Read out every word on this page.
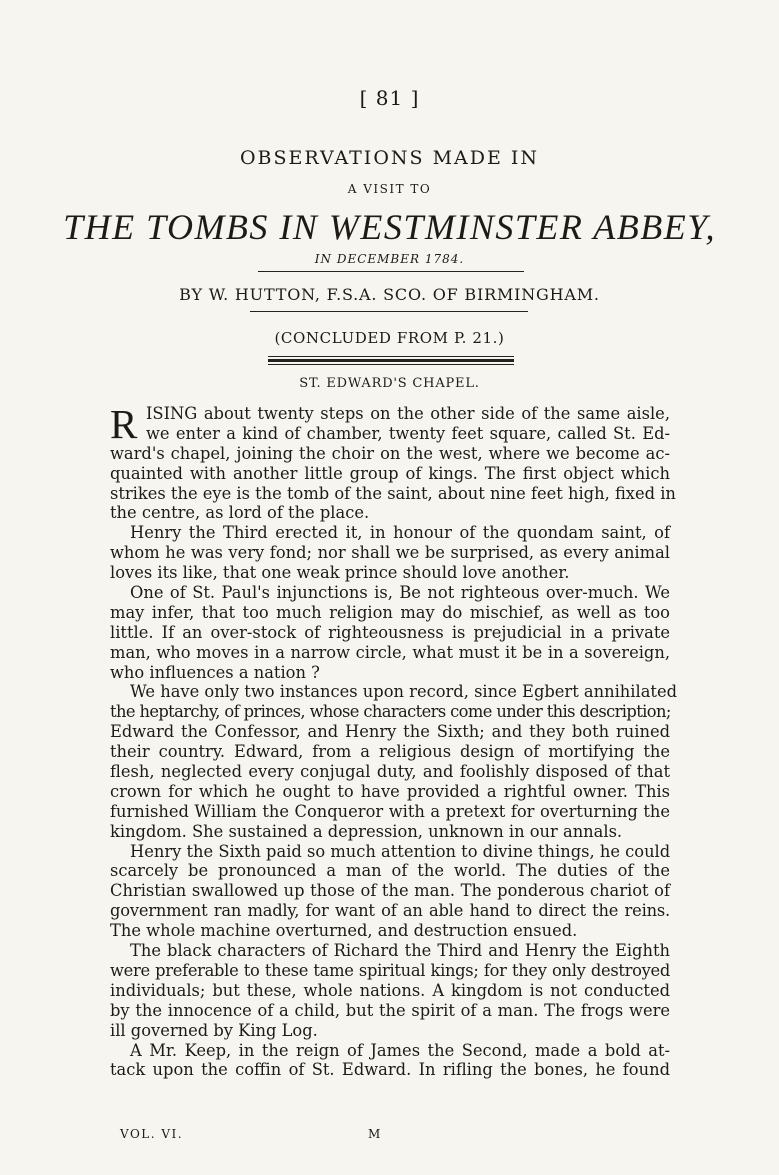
[ 81 ]
OBSERVATIONS MADE IN
A VISIT TO
THE TOMBS IN WESTMINSTER ABBEY,
IN DECEMBER 1784.
BY W. HUTTON, F.S.A. SCO. OF BIRMINGHAM.
(CONCLUDED FROM P. 21.)
ST. EDWARD'S CHAPEL.
R ISING about twenty steps on the other side of the same aisle,
we enter a kind of chamber, twenty feet square, called St. Ed-
ward's chapel, joining the choir on the west, where we become ac-
quainted with another little group of kings. The first object which
strikes the eye is the tomb of the saint, about nine feet high, fixed in
the centre, as lord of the place.
Henry the Third erected it, in honour of the quondam saint, of
whom he was very fond; nor shall we be surprised, as every animal
loves its like, that one weak prince should love another.
One of St. Paul's injunctions is, Be not righteous over-much. We
may infer, that too much religion may do mischief, as well as too
little. If an over-stock of righteousness is prejudicial in a private
man, who moves in a narrow circle, what must it be in a sovereign,
who influences a nation ?
We have only two instances upon record, since Egbert annihilated
the heptarchy, of princes, whose characters come under this description;
Edward the Confessor, and Henry the Sixth; and they both ruined
their country. Edward, from a religious design of mortifying the
flesh, neglected every conjugal duty, and foolishly disposed of that
crown for which he ought to have provided a rightful owner. This
furnished William the Conqueror with a pretext for overturning the
kingdom. She sustained a depression, unknown in our annals.
Henry the Sixth paid so much attention to divine things, he could
scarcely be pronounced a man of the world. The duties of the
Christian swallowed up those of the man. The ponderous chariot of
government ran madly, for want of an able hand to direct the reins.
The whole machine overturned, and destruction ensued.
The black characters of Richard the Third and Henry the Eighth
were preferable to these tame spiritual kings; for they only destroyed
individuals; but these, whole nations. A kingdom is not conducted
by the innocence of a child, but the spirit of a man. The frogs were
ill governed by King Log.
A Mr. Keep, in the reign of James the Second, made a bold at-
tack upon the coffin of St. Edward. In rifling the bones, he found
VOL. VI.	M
